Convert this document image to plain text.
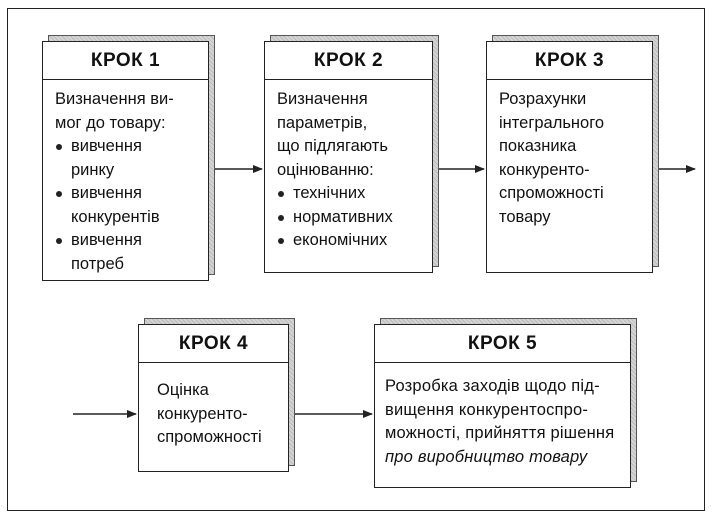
КРОК 1
Визначення ви-
мог до товару:
вивчення
ринку
вивчення
конкурентів
вивчення
потреб
КРОК 2
Визначення
параметрів,
що підлягають
оцінюванню:
технічних
нормативних
економічних
КРОК 3
Розрахунки
інтегрального
показника
конкуренто-
спроможності
товару
КРОК 4
Оцінка
конкуренто-
спроможності
КРОК 5
Розробка заходів щодо під-
вищення конкурентоспро-
можності, прийняття рішення
про виробництво товару
